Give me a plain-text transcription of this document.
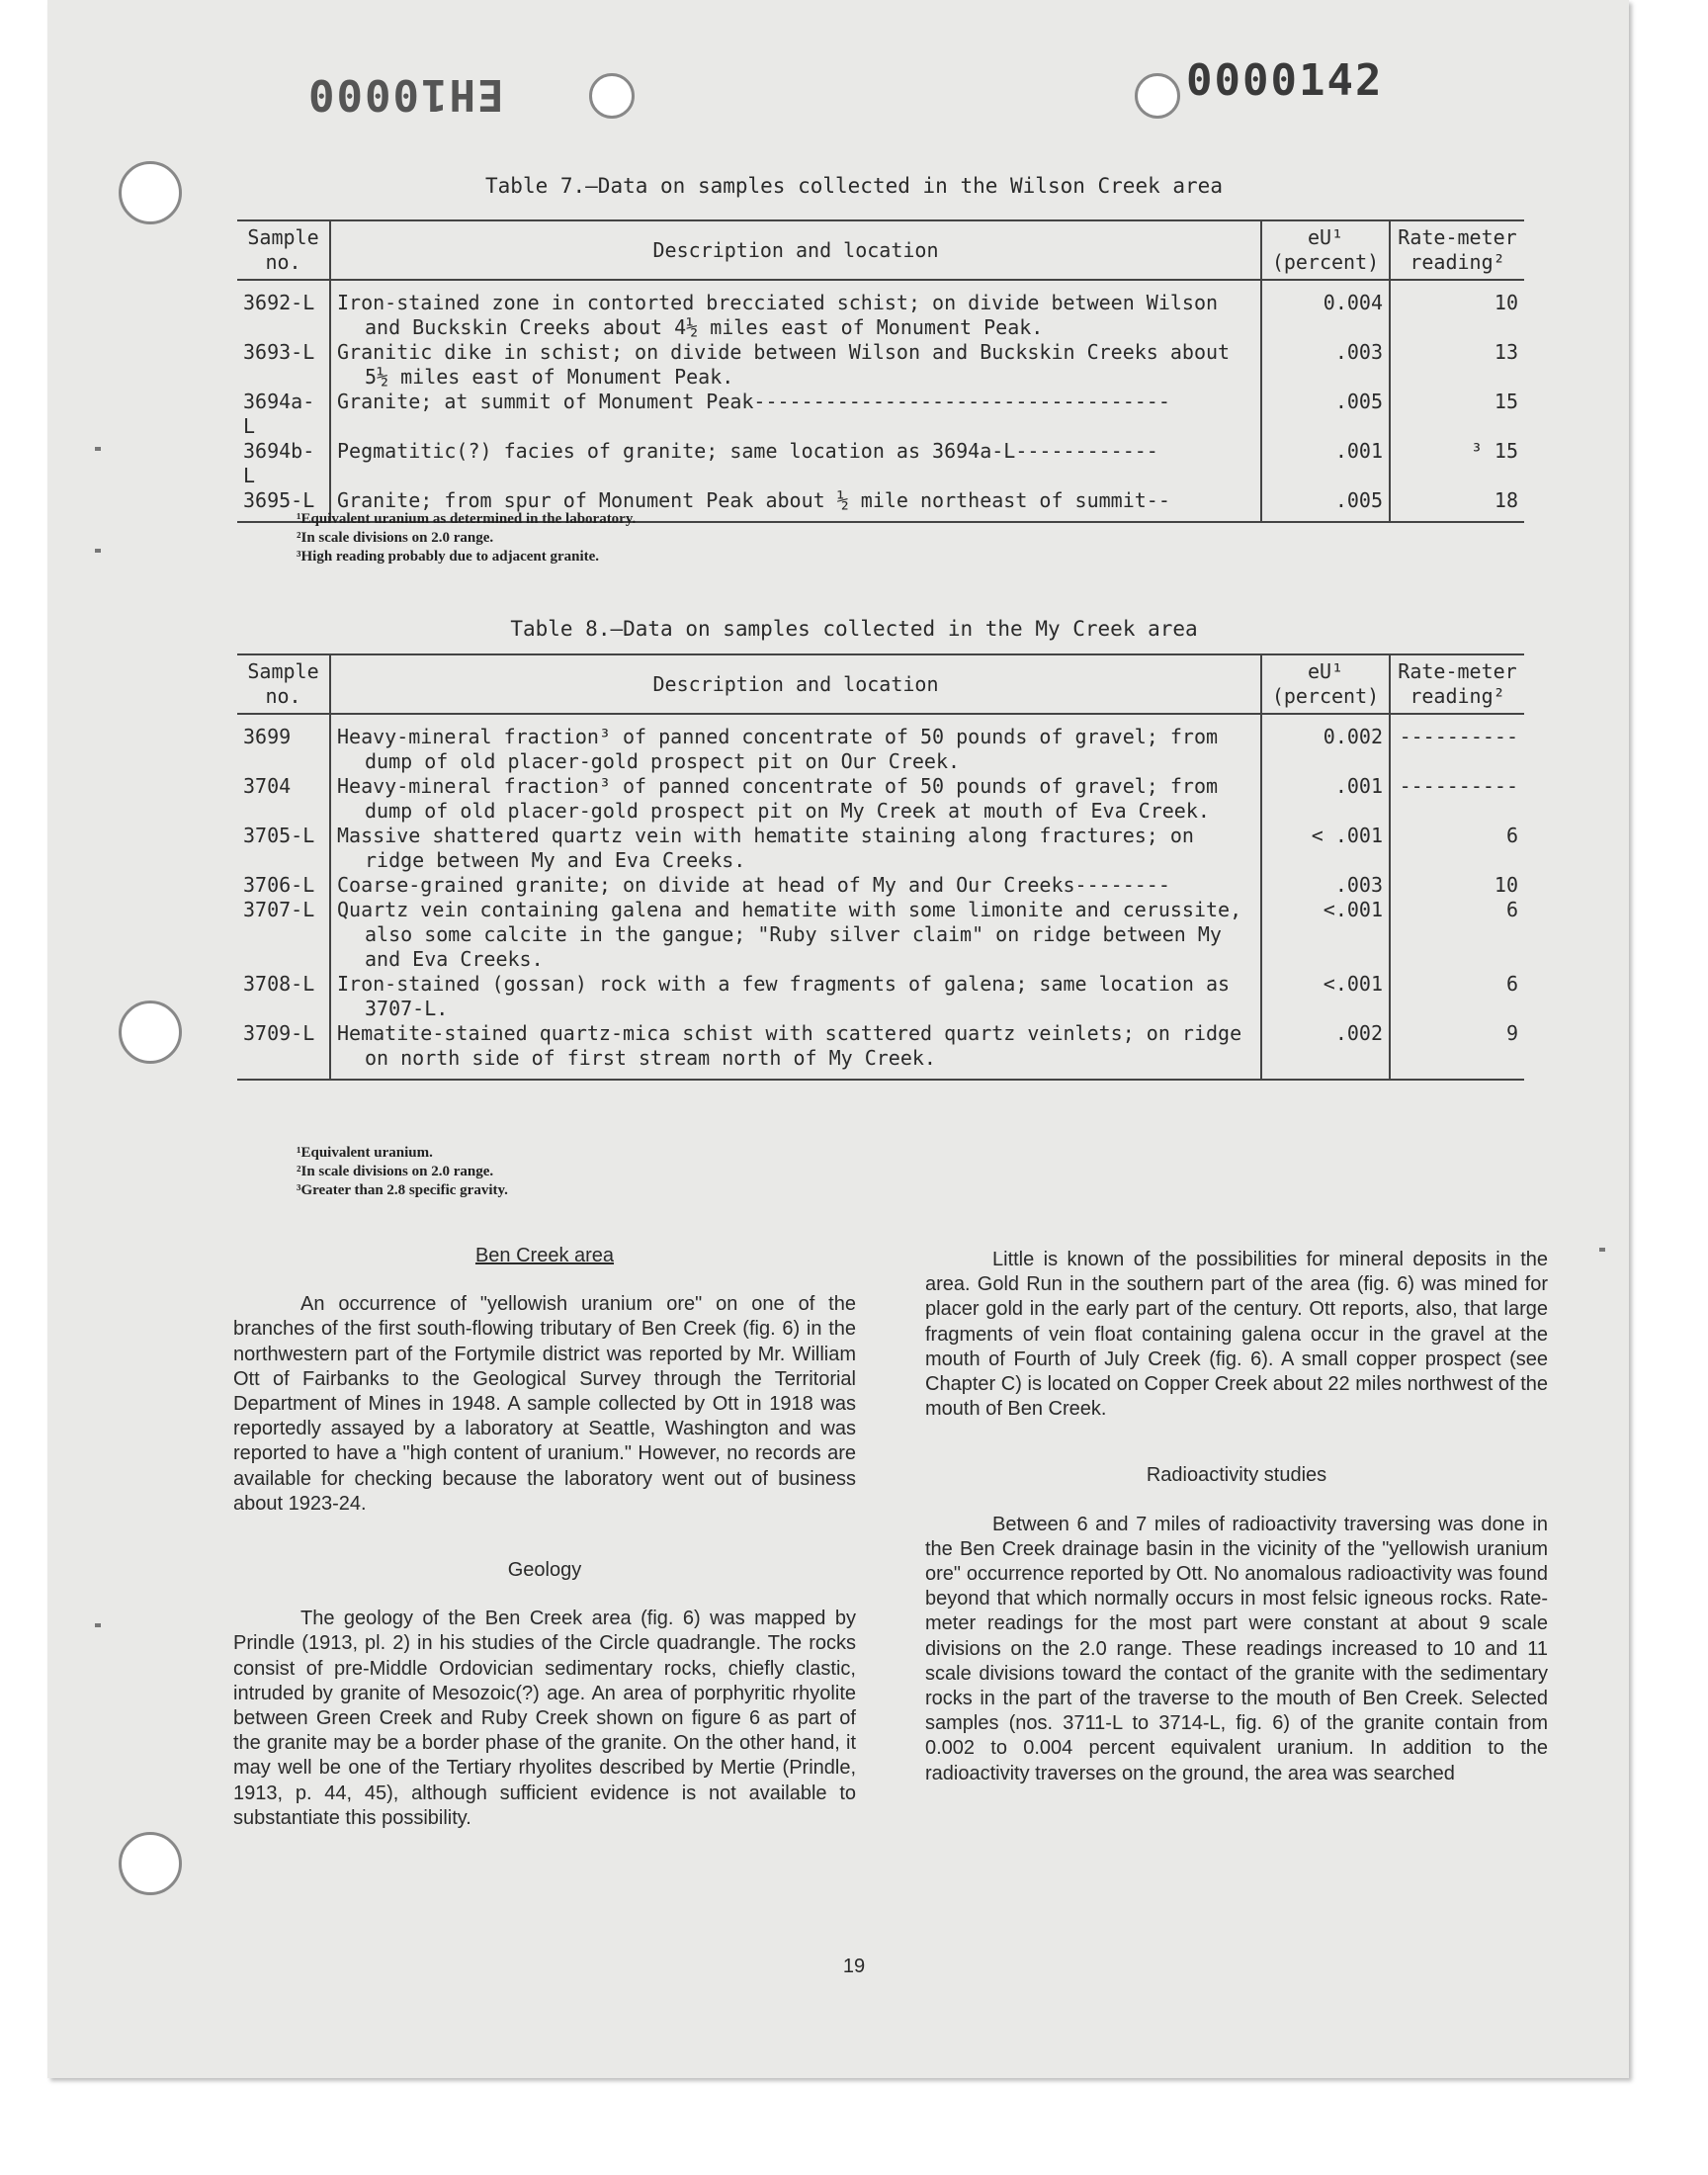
EH10000	0000142
Table 7.—Data on samples collected in the Wilson Creek area
Sample no.	Description and location	eU¹ (percent)	Rate-meter reading²
3692-L	Iron-stained zone in contorted brecciated schist; on divide between Wilson and Buckskin Creeks about 4½ miles east of Monument Peak.	0.004	10
3693-L	Granitic dike in schist; on divide between Wilson and Buckskin Creeks about 5½ miles east of Monument Peak.	.003	13
3694a-L	Granite; at summit of Monument Peak-----------------------------------	.005	15
3694b-L	Pegmatitic(?) facies of granite; same location as 3694a-L------------	.001	³ 15
3695-L	Granite; from spur of Monument Peak about ½ mile northeast of summit--	.005	18
¹Equivalent uranium as determined in the laboratory.
²In scale divisions on 2.0 range.
³High reading probably due to adjacent granite.
Table 8.—Data on samples collected in the My Creek area
Sample no.	Description and location	eU¹ (percent)	Rate-meter reading²
3699	Heavy-mineral fraction³ of panned concentrate of 50 pounds of gravel; from dump of old placer-gold prospect pit on Our Creek.	0.002	----------
3704	Heavy-mineral fraction³ of panned concentrate of 50 pounds of gravel; from dump of old placer-gold prospect pit on My Creek at mouth of Eva Creek.	.001	----------
3705-L	Massive shattered quartz vein with hematite staining along fractures; on ridge between My and Eva Creeks.	< .001	6
3706-L	Coarse-grained granite; on divide at head of My and Our Creeks--------	.003	10
3707-L	Quartz vein containing galena and hematite with some limonite and cerussite, also some calcite in the gangue; "Ruby silver claim" on ridge between My and Eva Creeks.	<.001	6
3708-L	Iron-stained (gossan) rock with a few fragments of galena; same location as 3707-L.	<.001	6
3709-L	Hematite-stained quartz-mica schist with scattered quartz veinlets; on ridge on north side of first stream north of My Creek.	.002	9
¹Equivalent uranium.
²In scale divisions on 2.0 range.
³Greater than 2.8 specific gravity.

Ben Creek area

An occurrence of "yellowish uranium ore" on one of the branches of the first south-flowing tributary of Ben Creek (fig. 6) in the northwestern part of the Fortymile district was reported by Mr. William Ott of Fairbanks to the Geological Survey through the Territorial Department of Mines in 1948. A sample collected by Ott in 1918 was reportedly assayed by a laboratory at Seattle, Washington and was reported to have a "high content of uranium." However, no records are available for checking because the laboratory went out of business about 1923-24.

Geology

The geology of the Ben Creek area (fig. 6) was mapped by Prindle (1913, pl. 2) in his studies of the Circle quadrangle. The rocks consist of pre-Middle Ordovician sedimentary rocks, chiefly clastic, intruded by granite of Mesozoic(?) age. An area of porphyritic rhyolite between Green Creek and Ruby Creek shown on figure 6 as part of the granite may be a border phase of the granite. On the other hand, it may well be one of the Tertiary rhyolites described by Mertie (Prindle, 1913, p. 44, 45), although sufficient evidence is not available to substantiate this possibility.

Little is known of the possibilities for mineral deposits in the area. Gold Run in the southern part of the area (fig. 6) was mined for placer gold in the early part of the century. Ott reports, also, that large fragments of vein float containing galena occur in the gravel at the mouth of Fourth of July Creek (fig. 6). A small copper prospect (see Chapter C) is located on Copper Creek about 22 miles northwest of the mouth of Ben Creek.

Radioactivity studies

Between 6 and 7 miles of radioactivity traversing was done in the Ben Creek drainage basin in the vicinity of the "yellowish uranium ore" occurrence reported by Ott. No anomalous radioactivity was found beyond that which normally occurs in most felsic igneous rocks. Rate-meter readings for the most part were constant at about 9 scale divisions on the 2.0 range. These readings increased to 10 and 11 scale divisions toward the contact of the granite with the sedimentary rocks in the part of the traverse to the mouth of Ben Creek. Selected samples (nos. 3711-L to 3714-L, fig. 6) of the granite contain from 0.002 to 0.004 percent equivalent uranium. In addition to the radioactivity traverses on the ground, the area was searched

19
